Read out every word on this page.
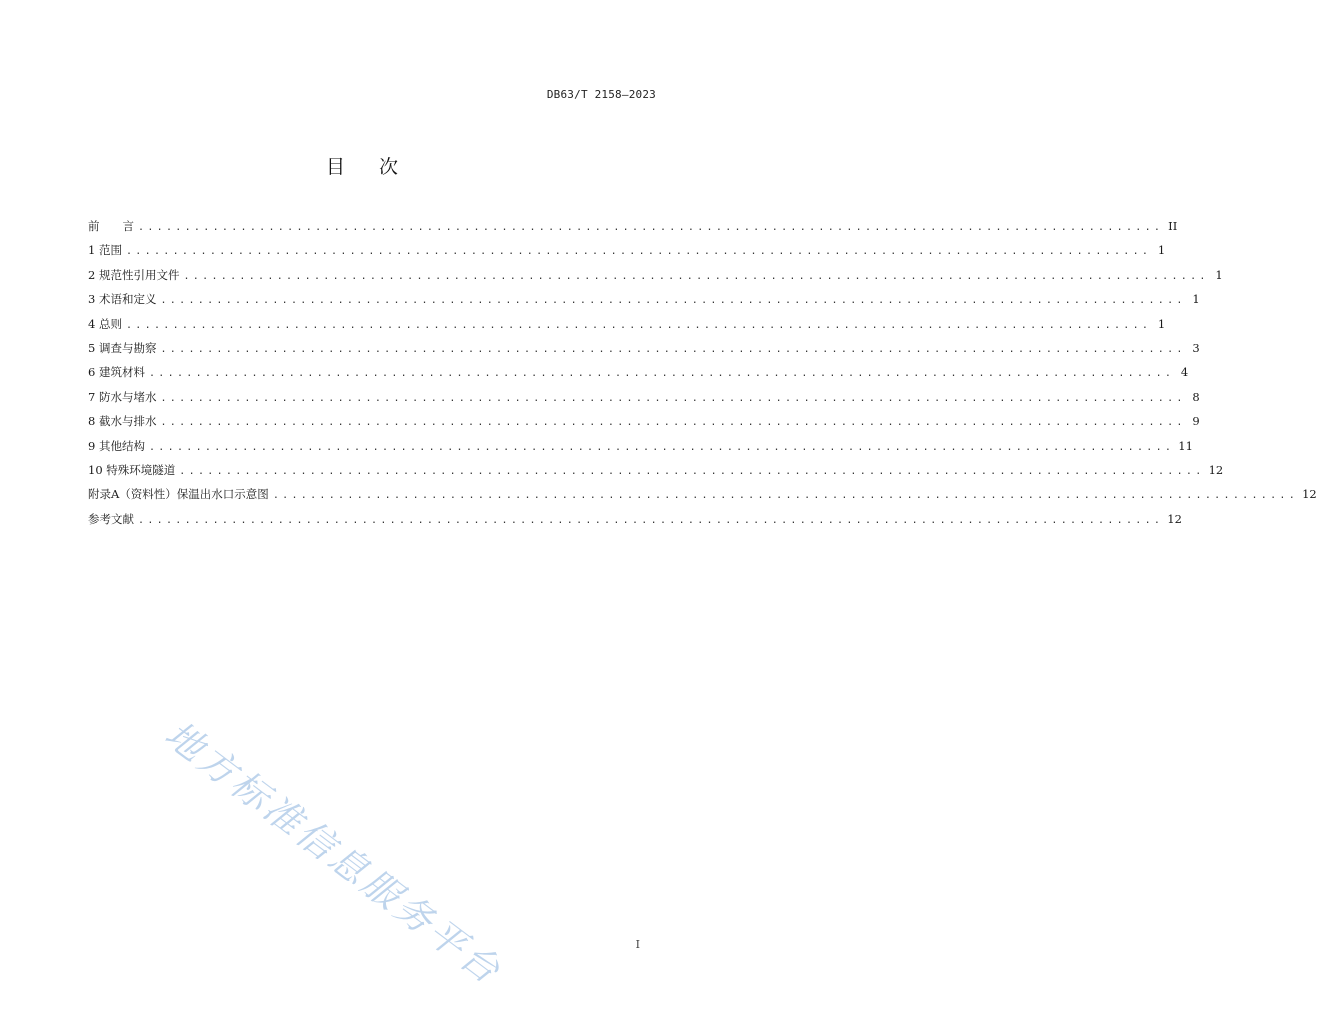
DB63/T 2158—2023
目次
前　　言 .............................................................................................................. II
1 范围 .............................................................................................................. 1
2 规范性引用文件 .............................................................................................................. 1
3 术语和定义 .............................................................................................................. 1
4 总则 .............................................................................................................. 1
5 调查与勘察 .............................................................................................................. 3
6 建筑材料 .............................................................................................................. 4
7 防水与堵水 .............................................................................................................. 8
8 截水与排水 .............................................................................................................. 9
9 其他结构 .............................................................................................................. 11
10 特殊环境隧道 .............................................................................................................. 12
附录A（资料性）保温出水口示意图 .............................................................................................................. 12
参考文献 .............................................................................................................. 12
地方标准信息服务平台	I
